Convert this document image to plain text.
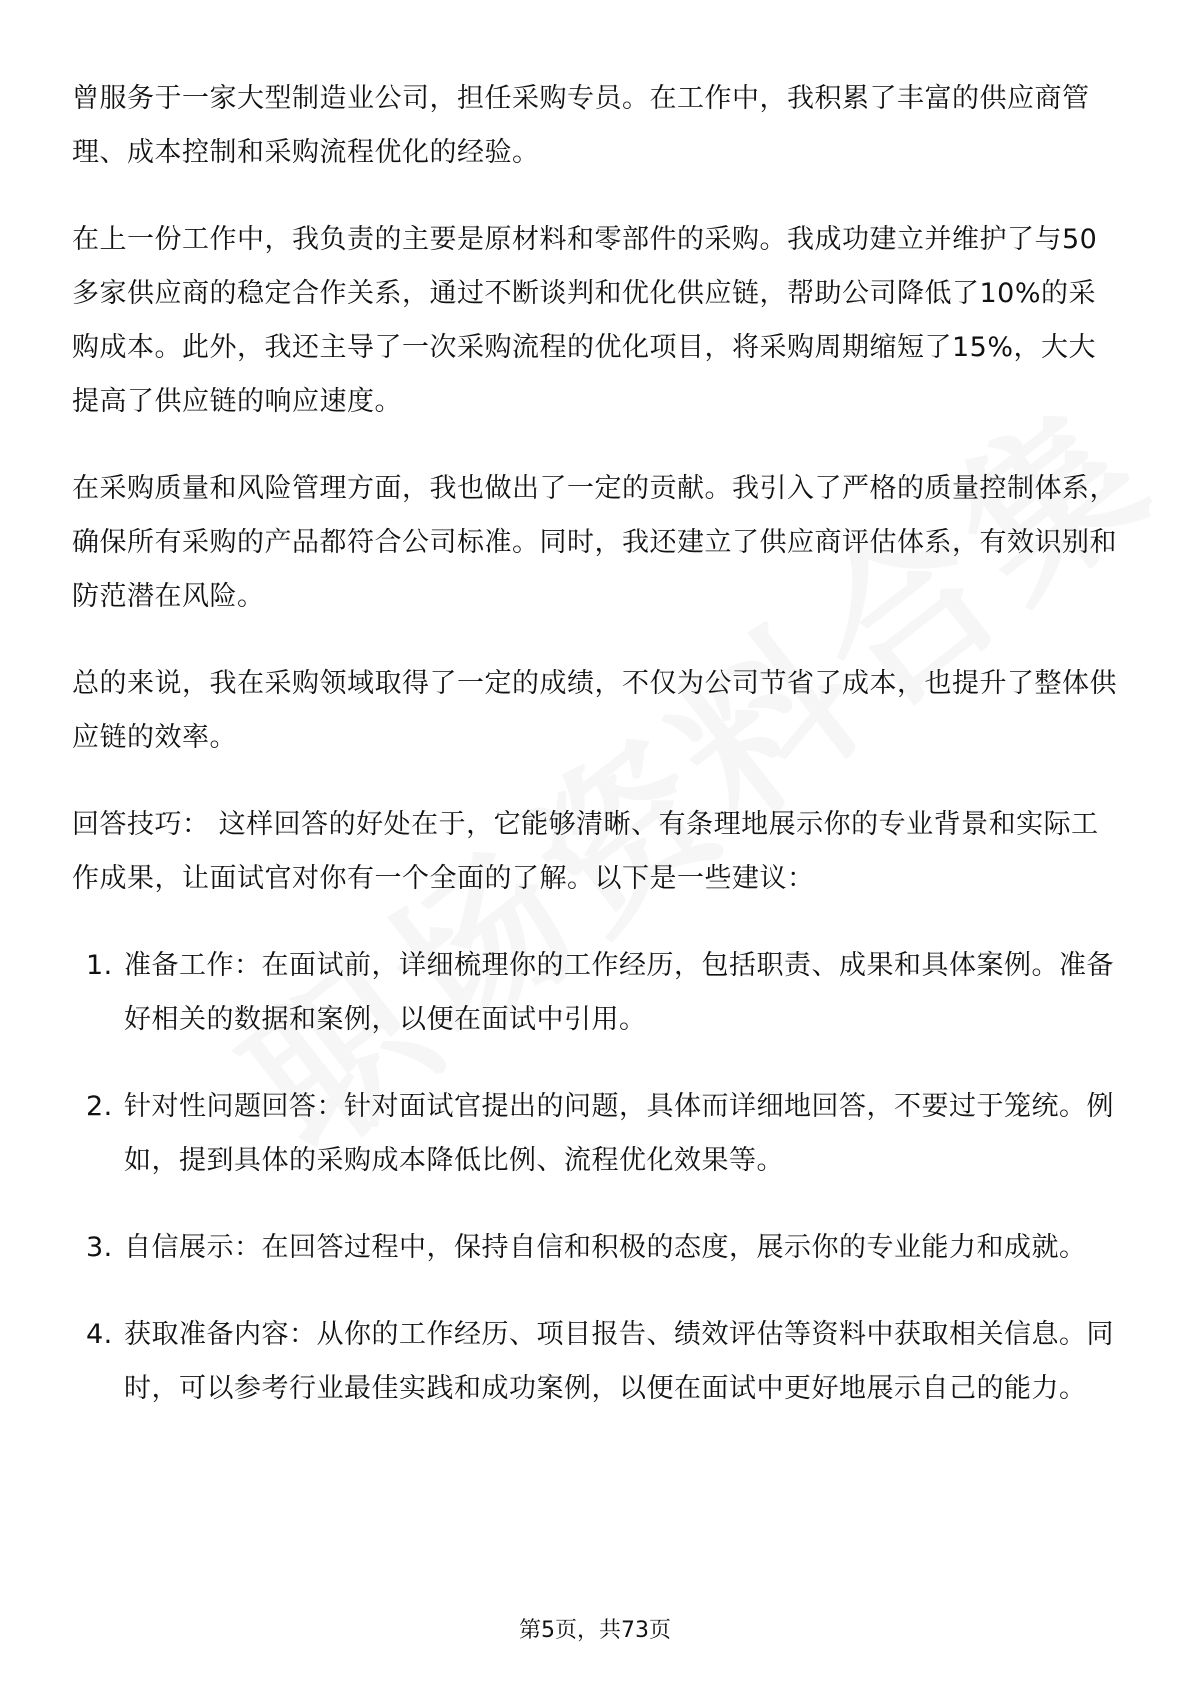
曾服务于一家大型制造业公司，担任采购专员。在工作中，我积累了丰富的供应商管理、成本控制和采购流程优化的经验。

在上一份工作中，我负责的主要是原材料和零部件的采购。我成功建立并维护了与50多家供应商的稳定合作关系，通过不断谈判和优化供应链，帮助公司降低了10%的采购成本。此外，我还主导了一次采购流程的优化项目，将采购周期缩短了15%，大大提高了供应链的响应速度。

在采购质量和风险管理方面，我也做出了一定的贡献。我引入了严格的质量控制体系，确保所有采购的产品都符合公司标准。同时，我还建立了供应商评估体系，有效识别和防范潜在风险。

总的来说，我在采购领域取得了一定的成绩，不仅为公司节省了成本，也提升了整体供应链的效率。

回答技巧： 这样回答的好处在于，它能够清晰、有条理地展示你的专业背景和实际工作成果，让面试官对你有一个全面的了解。以下是一些建议：

1. 准备工作：在面试前，详细梳理你的工作经历，包括职责、成果和具体案例。准备好相关的数据和案例，以便在面试中引用。
2. 针对性问题回答：针对面试官提出的问题，具体而详细地回答，不要过于笼统。例如，提到具体的采购成本降低比例、流程优化效果等。
3. 自信展示：在回答过程中，保持自信和积极的态度，展示你的专业能力和成就。
4. 获取准备内容：从你的工作经历、项目报告、绩效评估等资料中获取相关信息。同时，可以参考行业最佳实践和成功案例，以便在面试中更好地展示自己的能力。
第5页，共73页
